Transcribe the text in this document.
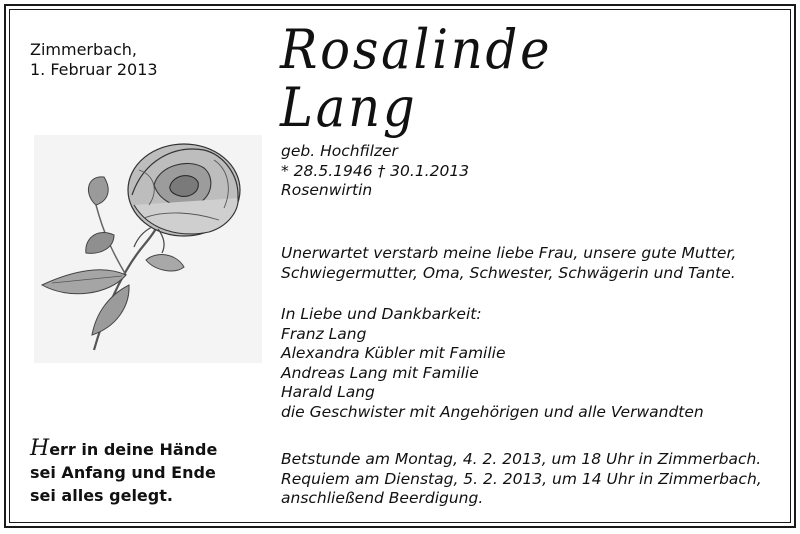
Zimmerbach,
1. Februar 2013 Rosalinde
Lang
geb. Hochfilzer
* 28.5.1946 † 30.1.2013
Rosenwirtin
Unerwartet verstarb meine liebe Frau, unsere gute Mutter,
Schwiegermutter, Oma, Schwester, Schwägerin und Tante.
In Liebe und Dankbarkeit:
Franz Lang
Alexandra Kübler mit Familie
Andreas Lang mit Familie
Harald Lang
die Geschwister mit Angehörigen und alle Verwandten
Betstunde am Montag, 4. 2. 2013, um 18 Uhr in Zimmerbach.
Requiem am Dienstag, 5. 2. 2013, um 14 Uhr in Zimmerbach,
anschließend Beerdigung.
Herr in deine Hände
sei Anfang und Ende
sei alles gelegt.
